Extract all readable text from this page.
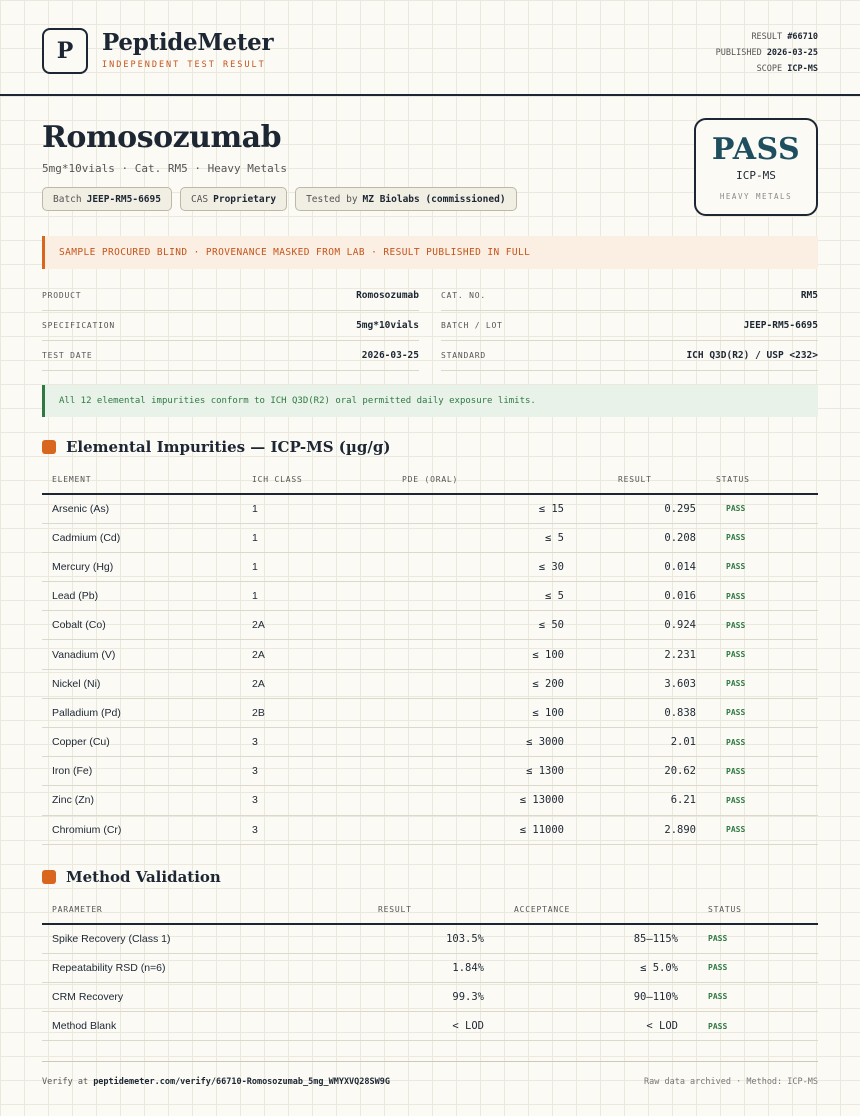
P	PeptideMeter
INDEPENDENT TEST RESULT
RESULT #66710
PUBLISHED 2026-03-25
SCOPE ICP-MS
Romosozumab
5mg*10vials · Cat. RM5 · Heavy Metals
Batch JEEP-RM5-6695	CAS Proprietary	Tested by MZ Biolabs (commissioned)
PASS
ICP-MS
HEAVY METALS
SAMPLE PROCURED BLIND · PROVENANCE MASKED FROM LAB · RESULT PUBLISHED IN FULL
PRODUCT	Romosozumab	CAT. NO.	RM5
SPECIFICATION	5mg*10vials	BATCH / LOT	JEEP-RM5-6695
TEST DATE	2026-03-25	STANDARD	ICH Q3D(R2) / USP <232>
All 12 elemental impurities conform to ICH Q3D(R2) oral permitted daily exposure limits.
Elemental Impurities — ICP-MS (µg/g)
ELEMENT	ICH CLASS	PDE (ORAL)	RESULT	STATUS
Arsenic (As)	1	≤ 15	0.295	PASS
Cadmium (Cd)	1	≤ 5	0.208	PASS
Mercury (Hg)	1	≤ 30	0.014	PASS
Lead (Pb)	1	≤ 5	0.016	PASS
Cobalt (Co)	2A	≤ 50	0.924	PASS
Vanadium (V)	2A	≤ 100	2.231	PASS
Nickel (Ni)	2A	≤ 200	3.603	PASS
Palladium (Pd)	2B	≤ 100	0.838	PASS
Copper (Cu)	3	≤ 3000	2.01	PASS
Iron (Fe)	3	≤ 1300	20.62	PASS
Zinc (Zn)	3	≤ 13000	6.21	PASS
Chromium (Cr)	3	≤ 11000	2.890	PASS
Method Validation
PARAMETER	RESULT	ACCEPTANCE	STATUS
Spike Recovery (Class 1)	103.5%	85–115%	PASS
Repeatability RSD (n=6)	1.84%	≤ 5.0%	PASS
CRM Recovery	99.3%	90–110%	PASS
Method Blank	< LOD	< LOD	PASS
Verify at peptidemeter.com/verify/66710-Romosozumab_5mg_WMYXVQ28SW9G	Raw data archived · Method: ICP-MS
